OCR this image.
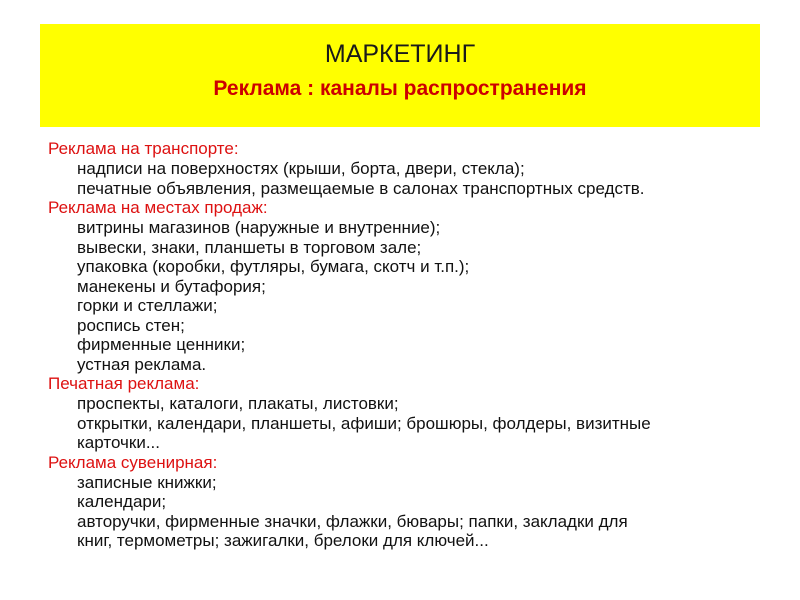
МАРКЕТИНГ
Реклама : каналы распространения

Реклама на транспорте:

надписи на поверхностях (крыши, борта, двери, стекла);

печатные объявления, размещаемые в салонах транспортных средств.

Реклама на местах продаж:

витрины магазинов (наружные и внутренние);

вывески, знаки, планшеты в торговом зале;

упаковка (коробки, футляры, бумага, скотч и т.п.);

манекены и бутафория;

горки и стеллажи;

роспись стен;

фирменные ценники;

устная реклама.

Печатная реклама:

проспекты, каталоги, плакаты, листовки;

открытки, календари, планшеты, афиши; брошюры, фолдеры, визитные

карточки...

Реклама сувенирная:

записные книжки;

календари;

авторучки, фирменные значки, флажки, бювары; папки, закладки для

книг, термометры; зажигалки, брелоки для ключей...
